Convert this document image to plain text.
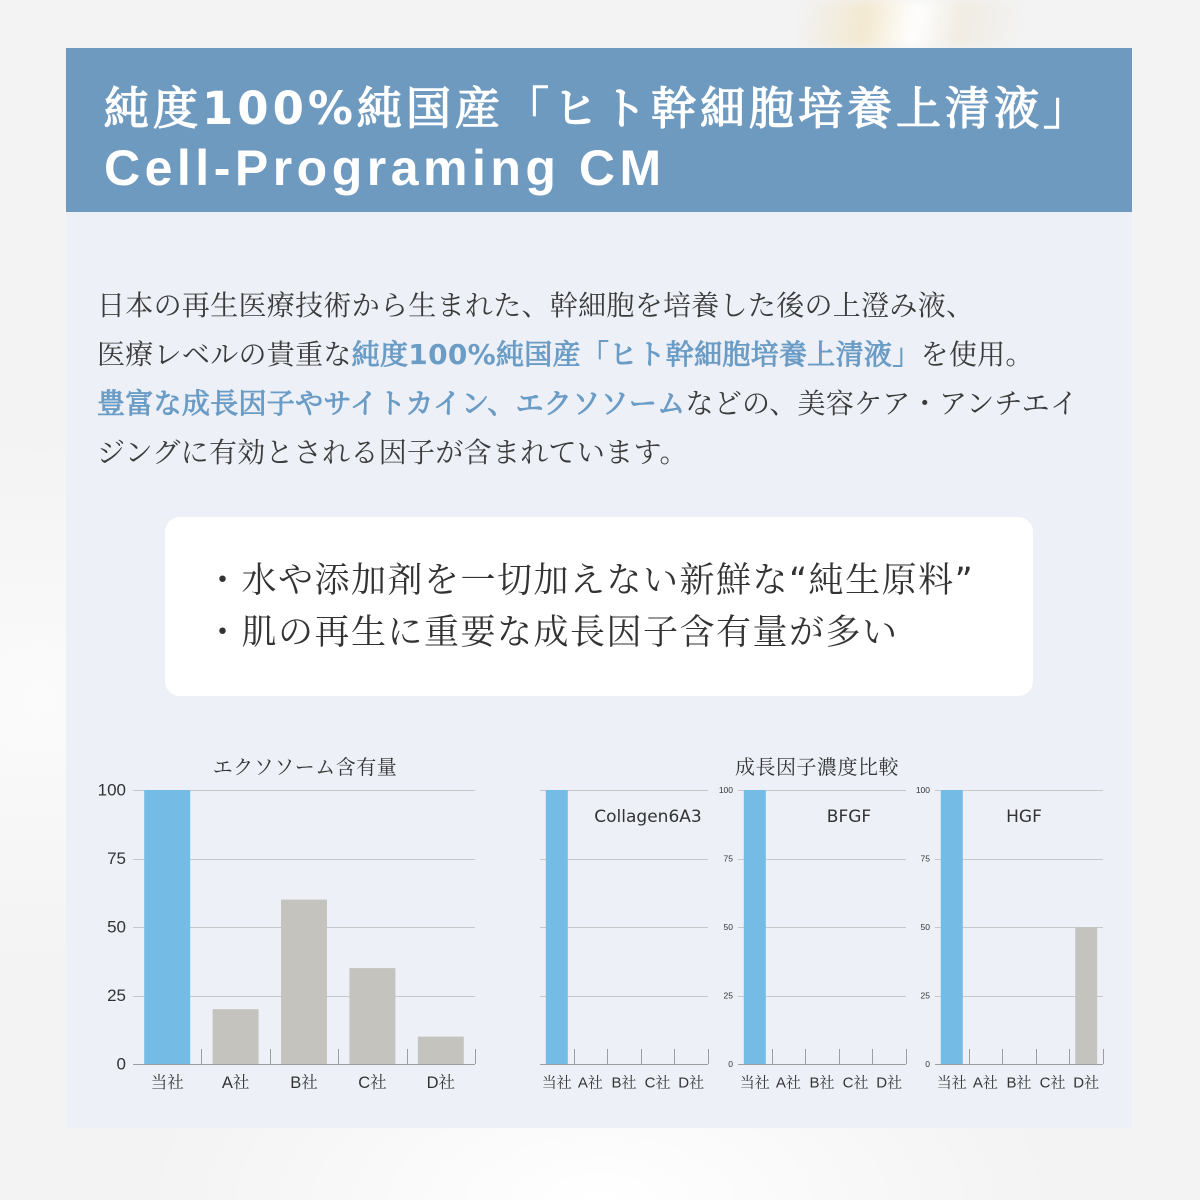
純度100%純国産「ヒト幹細胞培養上清液」
Cell-Programing CM
日本の再生医療技術から生まれた、幹細胞を培養した後の上澄み液、
医療レベルの貴重な純度100%純国産「ヒト幹細胞培養上清液」を使用。
豊富な成長因子やサイトカイン、エクソソームなどの、美容ケア・アンチエイ
ジングに有効とされる因子が含まれています。
・水や添加剤を一切加えない新鮮な“純生原料”
・肌の再生に重要な成長因子含有量が多い
エクソソーム含有量
100
75
50
25
0
当社 A社 B社 C社 D社
成長因子濃度比較
当社 A社 B社 C社 D社
Collagen6A3
100
75
50
25
0
当社 A社 B社 C社 D社
BFGF
100
75
50
25
0
当社 A社 B社 C社 D社
HGF
